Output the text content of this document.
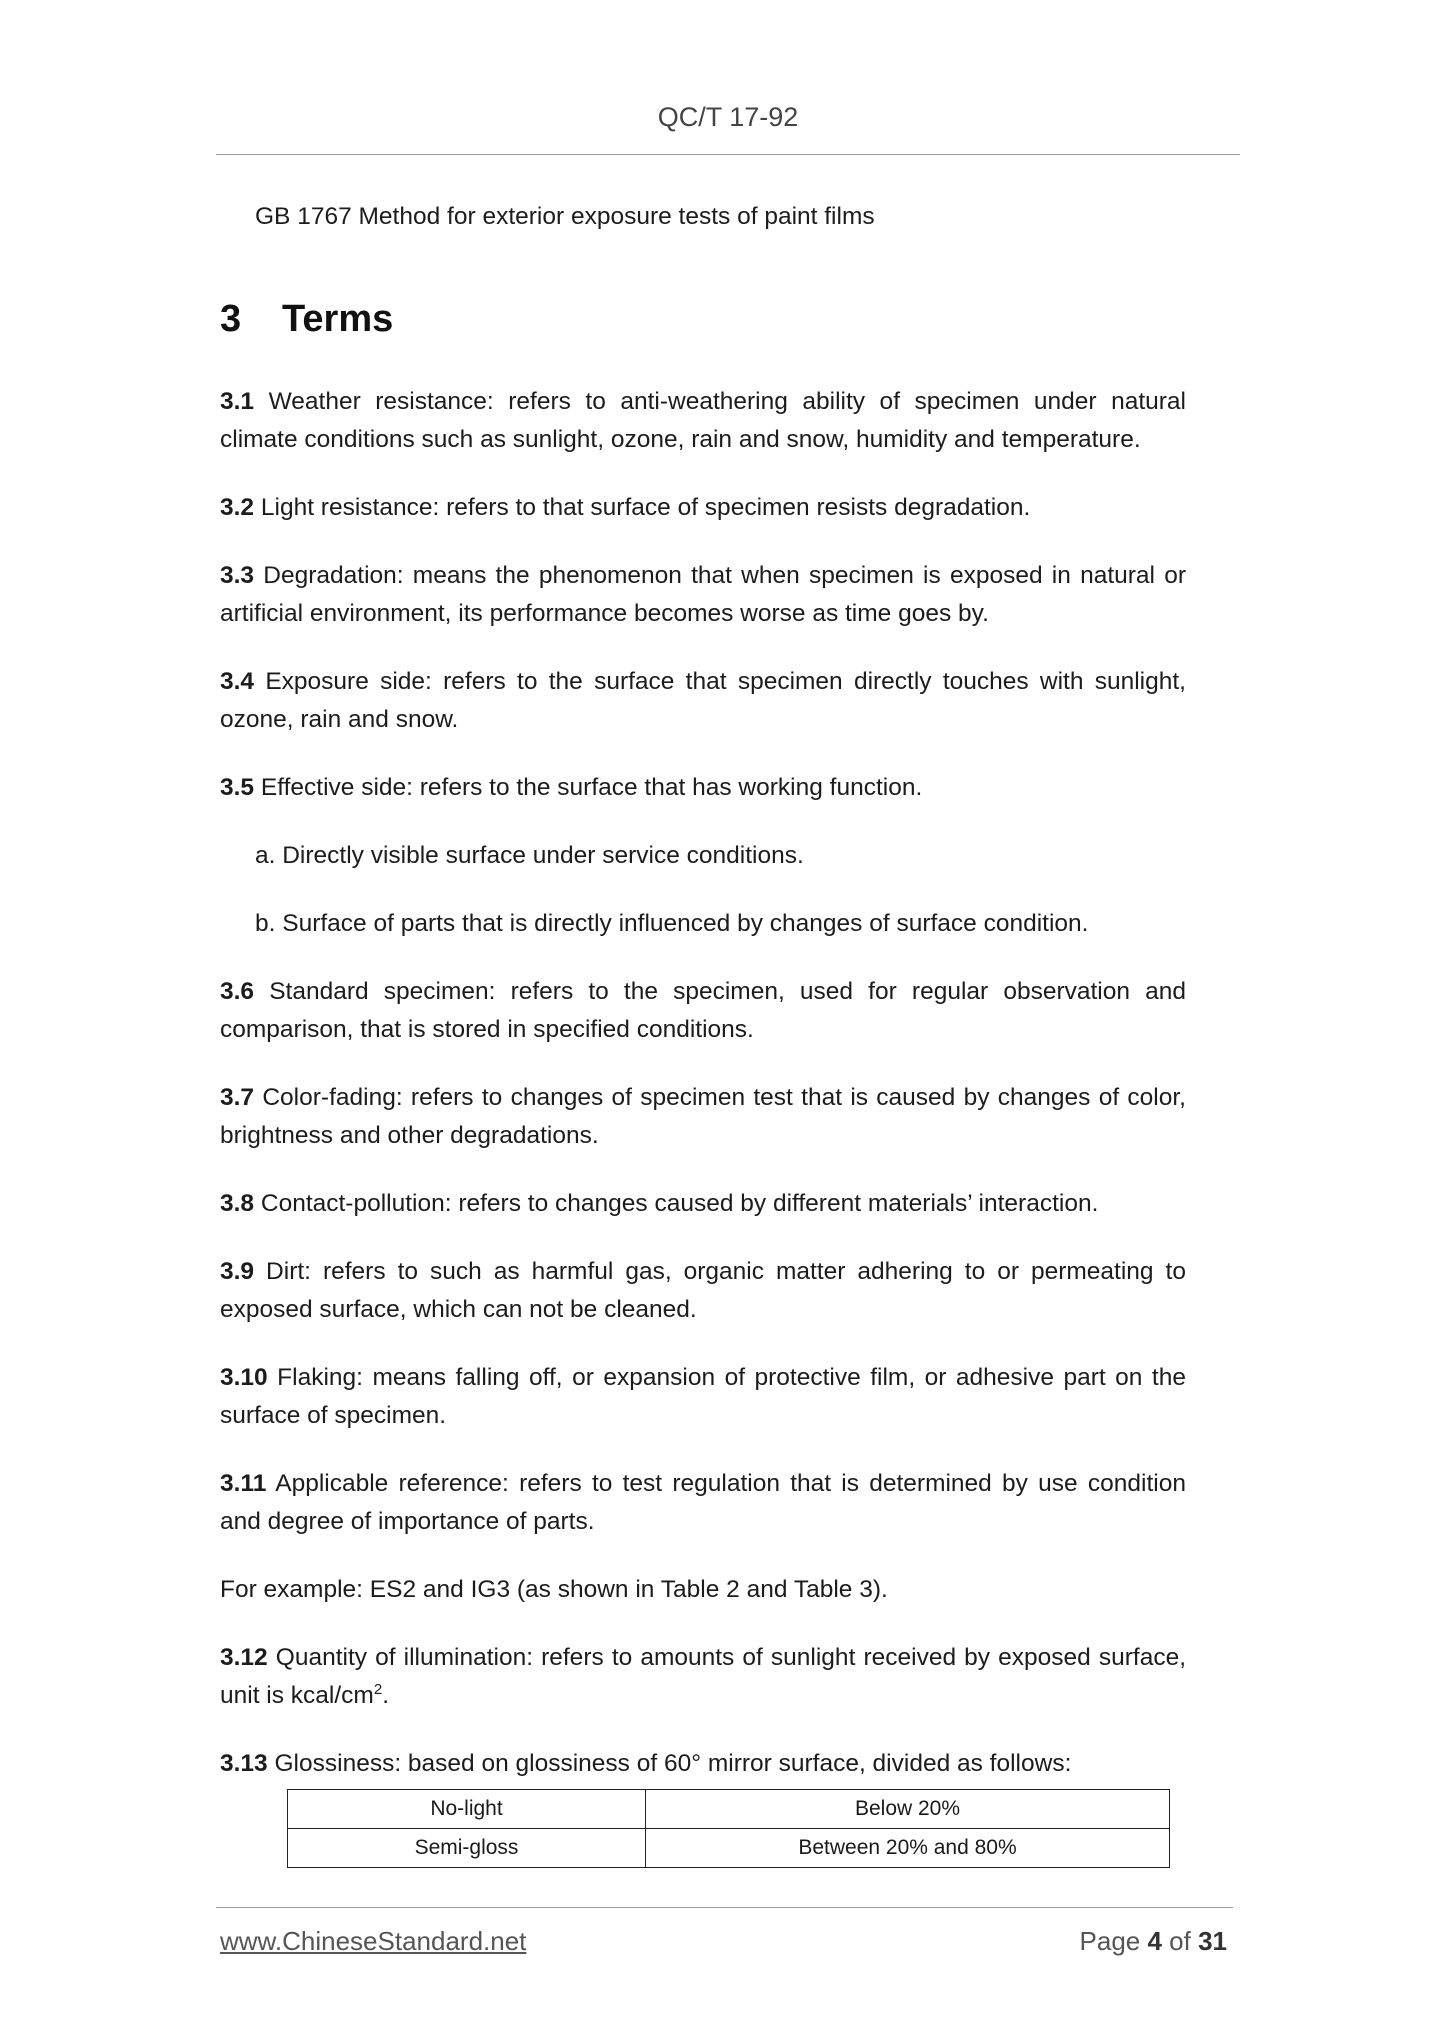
QC/T 17-92

GB 1767 Method for exterior exposure tests of paint films

3 Terms

3.1 Weather resistance: refers to anti-weathering ability of specimen under natural climate conditions such as sunlight, ozone, rain and snow, humidity and temperature.

3.2 Light resistance: refers to that surface of specimen resists degradation.

3.3 Degradation: means the phenomenon that when specimen is exposed in natural or artificial environment, its performance becomes worse as time goes by.

3.4 Exposure side: refers to the surface that specimen directly touches with sunlight, ozone, rain and snow.

3.5 Effective side: refers to the surface that has working function.

a. Directly visible surface under service conditions.

b. Surface of parts that is directly influenced by changes of surface condition.

3.6 Standard specimen: refers to the specimen, used for regular observation and comparison, that is stored in specified conditions.

3.7 Color-fading: refers to changes of specimen test that is caused by changes of color, brightness and other degradations.

3.8 Contact-pollution: refers to changes caused by different materials’ interaction.

3.9 Dirt: refers to such as harmful gas, organic matter adhering to or permeating to exposed surface, which can not be cleaned.

3.10 Flaking: means falling off, or expansion of protective film, or adhesive part on the surface of specimen.

3.11 Applicable reference: refers to test regulation that is determined by use condition and degree of importance of parts.

For example: ES2 and IG3 (as shown in Table 2 and Table 3).

3.12 Quantity of illumination: refers to amounts of sunlight received by exposed surface, unit is kcal/$cm^2$.

3.13 Glossiness: based on glossiness of 60° mirror surface, divided as follows:

No-light	Below 20%
Semi-gloss	Between 20% and 80%
www.ChineseStandard.net	Page 4 of 31
